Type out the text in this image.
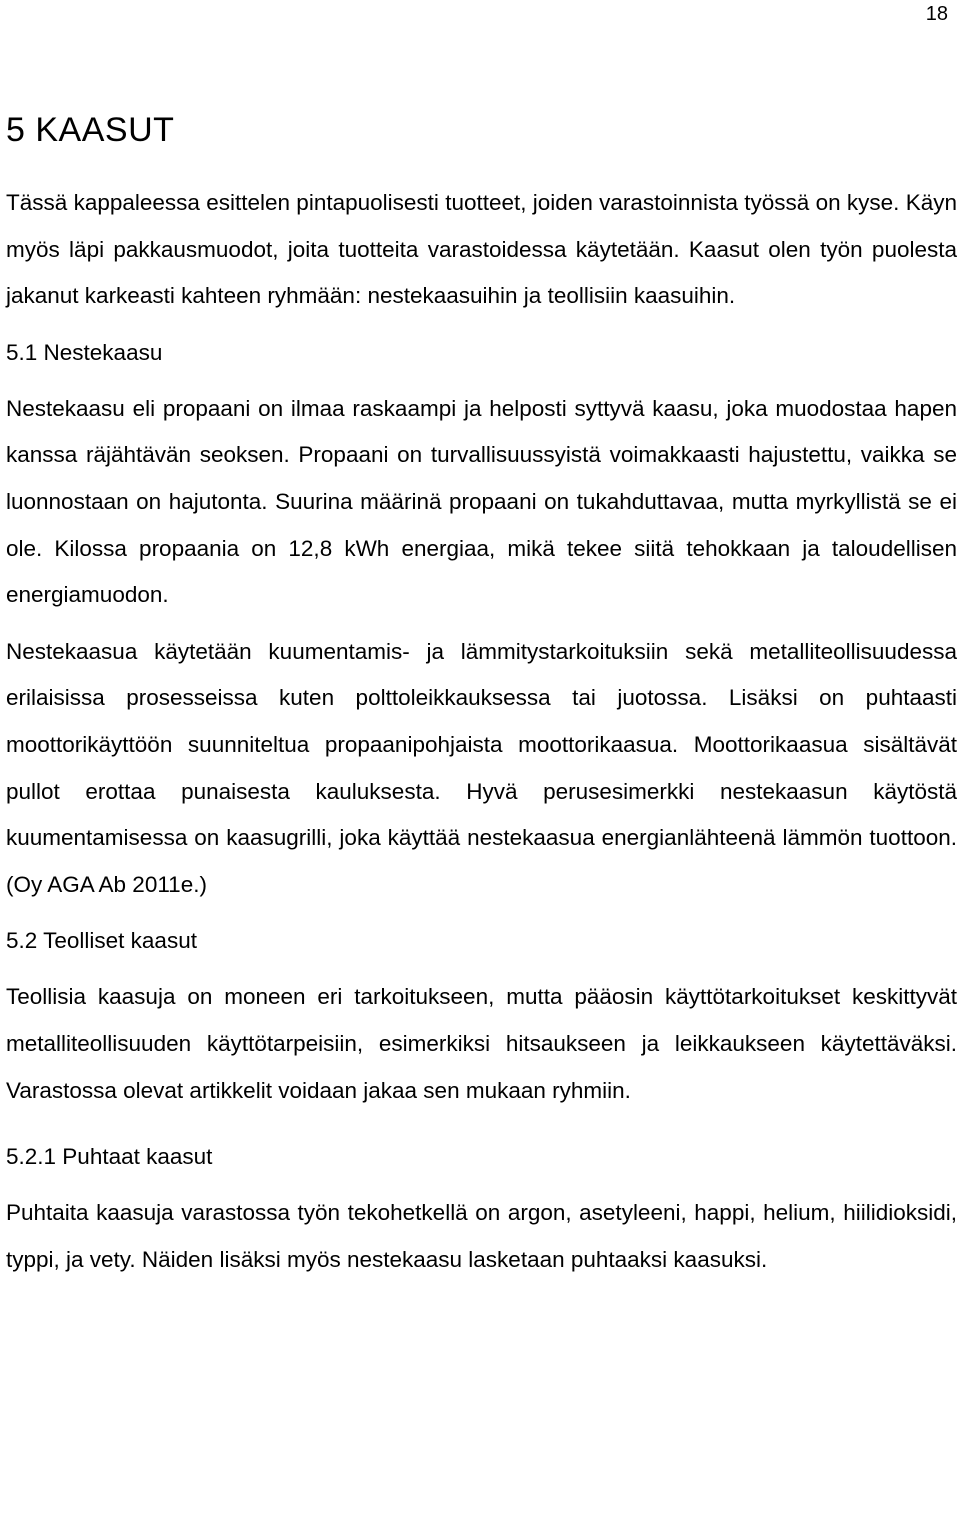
18
5 KAASUT

Tässä kappaleessa esittelen pintapuolisesti tuotteet, joiden varastoinnista työssä on kyse. Käyn myös läpi pakkausmuodot, joita tuotteita varastoidessa käytetään. Kaasut olen työn puolesta jakanut karkeasti kahteen ryhmään: nestekaasuihin ja teollisiin kaasuihin.

5.1 Nestekaasu

Nestekaasu eli propaani on ilmaa raskaampi ja helposti syttyvä kaasu, joka muodostaa hapen kanssa räjähtävän seoksen. Propaani on turvallisuussyistä voimakkaasti hajustettu, vaikka se luonnostaan on hajutonta. Suurina määrinä propaani on tukahduttavaa, mutta myrkyllistä se ei ole. Kilossa propaania on 12,8 kWh energiaa, mikä tekee siitä tehokkaan ja taloudellisen energiamuodon.

Nestekaasua käytetään kuumentamis- ja lämmitystarkoituksiin sekä metalliteollisuudessa erilaisissa prosesseissa kuten polttoleikkauksessa tai juotossa. Lisäksi on puhtaasti moottorikäyttöön suunniteltua propaanipohjaista moottorikaasua. Moottorikaasua sisältävät pullot erottaa punaisesta kauluksesta. Hyvä perusesimerkki nestekaasun käytöstä kuumentamisessa on kaasugrilli, joka käyttää nestekaasua energianlähteenä lämmön tuottoon. (Oy AGA Ab 2011e.)

5.2 Teolliset kaasut

Teollisia kaasuja on moneen eri tarkoitukseen, mutta pääosin käyttötarkoitukset keskittyvät metalliteollisuuden käyttötarpeisiin, esimerkiksi hitsaukseen ja leikkaukseen käytettäväksi. Varastossa olevat artikkelit voidaan jakaa sen mukaan ryhmiin.

5.2.1 Puhtaat kaasut

Puhtaita kaasuja varastossa työn tekohetkellä on argon, asetyleeni, happi, helium, hiilidioksidi, typpi, ja vety. Näiden lisäksi myös nestekaasu lasketaan puhtaaksi kaasuksi.
